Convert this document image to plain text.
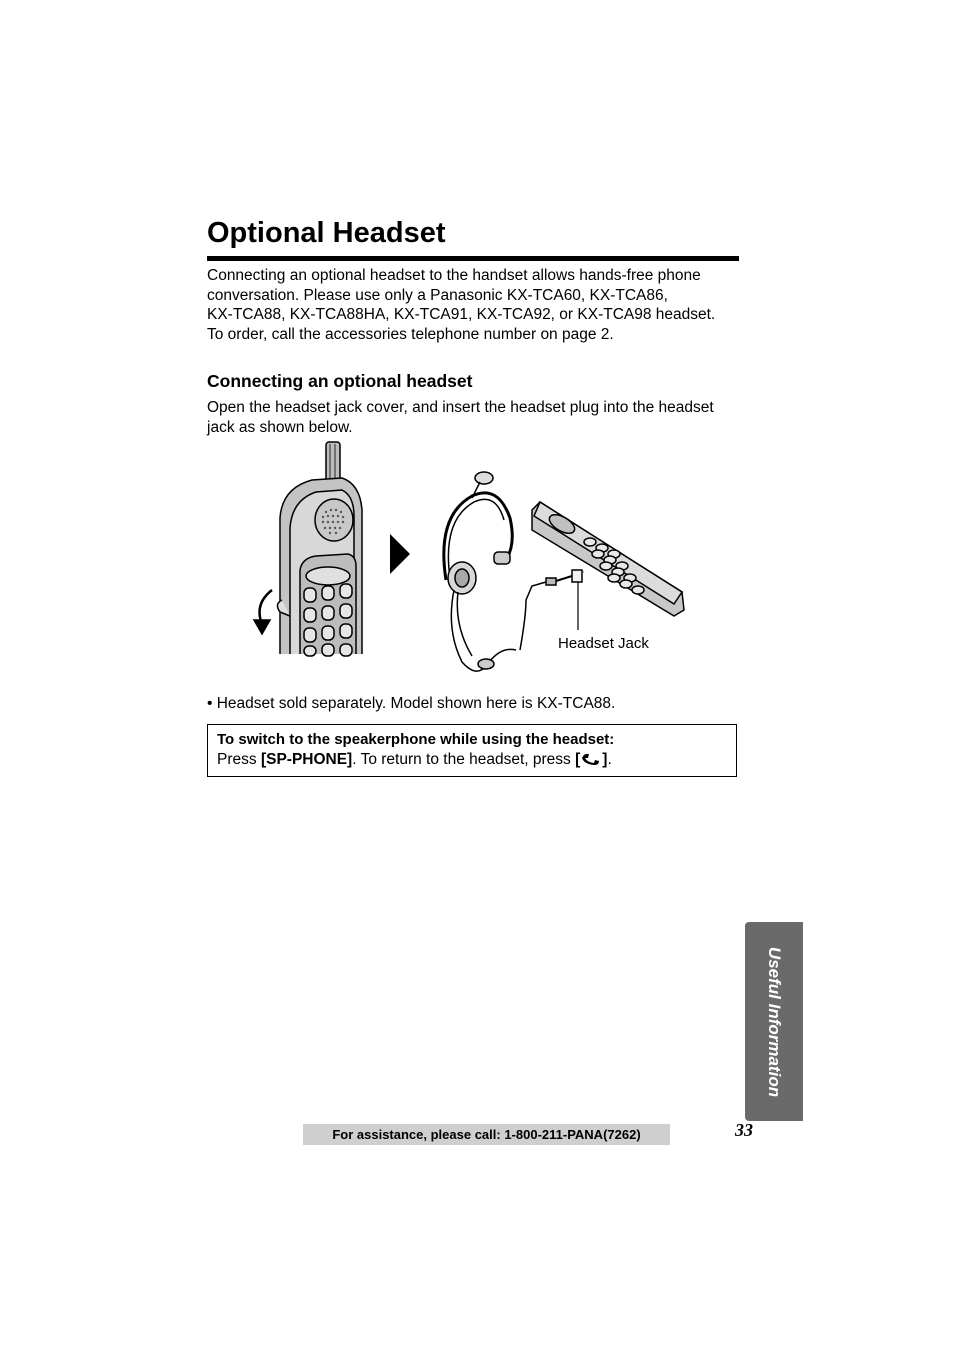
Optional Headset

Connecting an optional headset to the handset allows hands-free phone
conversation. Please use only a Panasonic KX-TCA60, KX-TCA86,
KX-TCA88, KX-TCA88HA, KX-TCA91, KX-TCA92, or KX-TCA98 headset.
To order, call the accessories telephone number on page 2.

Connecting an optional headset

Open the headset jack cover, and insert the headset plug into the headset
jack as shown below.

Headset Jack
• Headset sold separately. Model shown here is KX-TCA88.
To switch to the speakerphone while using the headset:
Press [SP-PHONE]. To return to the headset, press [ ].
Useful Information
For assistance, please call: 1-800-211-PANA(7262)	33
